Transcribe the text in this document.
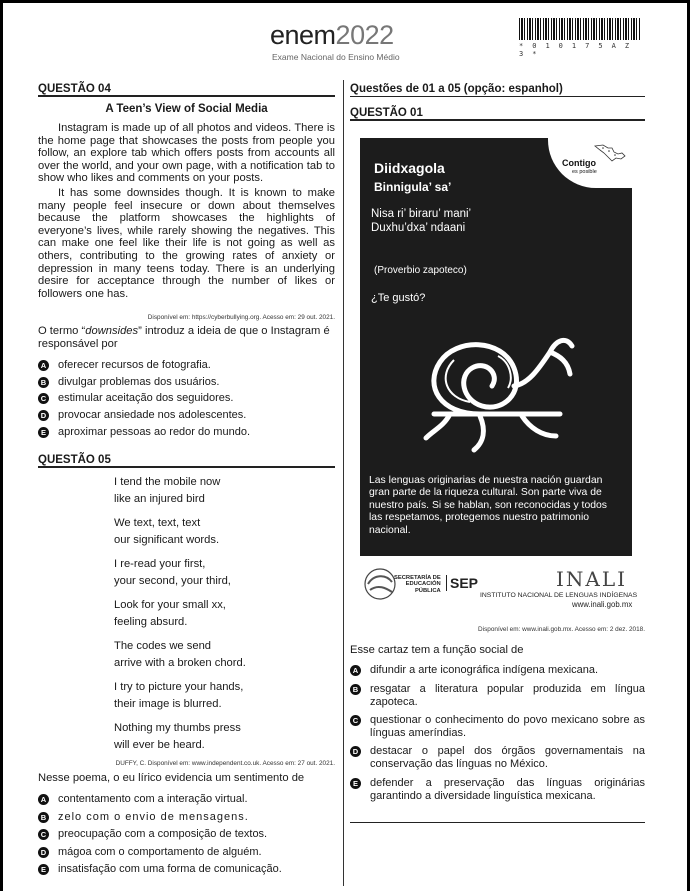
enem2022
Exame Nacional do Ensino Médio
* 0 1 0 1 7 5 A Z 3 *
QUESTÃO 04
A Teen’s View of Social Media

Instagram is made up of all photos and videos. There is the home page that showcases the posts from people you follow, an explore tab which offers posts from accounts all over the world, and your own page, with a notification tab to show who likes and comments on your posts.

It has some downsides though. It is known to make many people feel insecure or down about themselves because the platform showcases the highlights of everyone’s lives, while rarely showing the negatives. This can make one feel like their life is not going as well as others, contributing to the growing rates of anxiety or depression in many teens today. There is an underlying desire for acceptance through the number of likes or followers one has.

Disponível em: https://cyberbullying.org. Acesso em: 29 out. 2021.
O termo “downsides” introduz a ideia de que o Instagram é responsável por
A oferecer recursos de fotografia.
B divulgar problemas dos usuários.
C estimular aceitação dos seguidores.
D provocar ansiedade nos adolescentes.
E aproximar pessoas ao redor do mundo.
QUESTÃO 05
I tend the mobile now
like an injured bird
We text, text, text
our significant words.
I re-read your first,
your second, your third,
Look for your small xx,
feeling absurd.
The codes we send
arrive with a broken chord.
I try to picture your hands,
their image is blurred.
Nothing my thumbs press
will ever be heard.
DUFFY, C. Disponível em: www.independent.co.uk. Acesso em: 27 out. 2021.
Nesse poema, o eu lírico evidencia um sentimento de
A contentamento com a interação virtual.
B zelo com o envio de mensagens.
C preocupação com a composição de textos.
D mágoa com o comportamento de alguém.
E insatisfação com uma forma de comunicação.
Questões de 01 a 05 (opção: espanhol)
QUESTÃO 01
Contigo
es posible
Diidxagola
Binnigula’ sa’
Nisa ri’ biraru’ mani’
Duxhu’dxa’ ndaani
(Proverbio zapoteco)
¿Te gustó?
Las lenguas originarias de nuestra nación guardan gran parte de la riqueza cultural. Son parte viva de nuestro país. Si se hablan, son reconocidas y todos las respetamos, protegemos nuestro patrimonio nacional.
SECRETARÍA DE
EDUCACIÓN
PÚBLICA SEP	INALI
INSTITUTO NACIONAL DE LENGUAS INDÍGENAS
www.inali.gob.mx
Disponível em: www.inali.gob.mx. Acesso em: 2 dez. 2018.
Esse cartaz tem a função social de
A difundir a arte iconográfica indígena mexicana.
B resgatar a literatura popular produzida em língua zapoteca.
C questionar o conhecimento do povo mexicano sobre as línguas ameríndias.
D destacar o papel dos órgãos governamentais na conservação das línguas no México.
E defender a preservação das línguas originárias garantindo a diversidade linguística mexicana.
